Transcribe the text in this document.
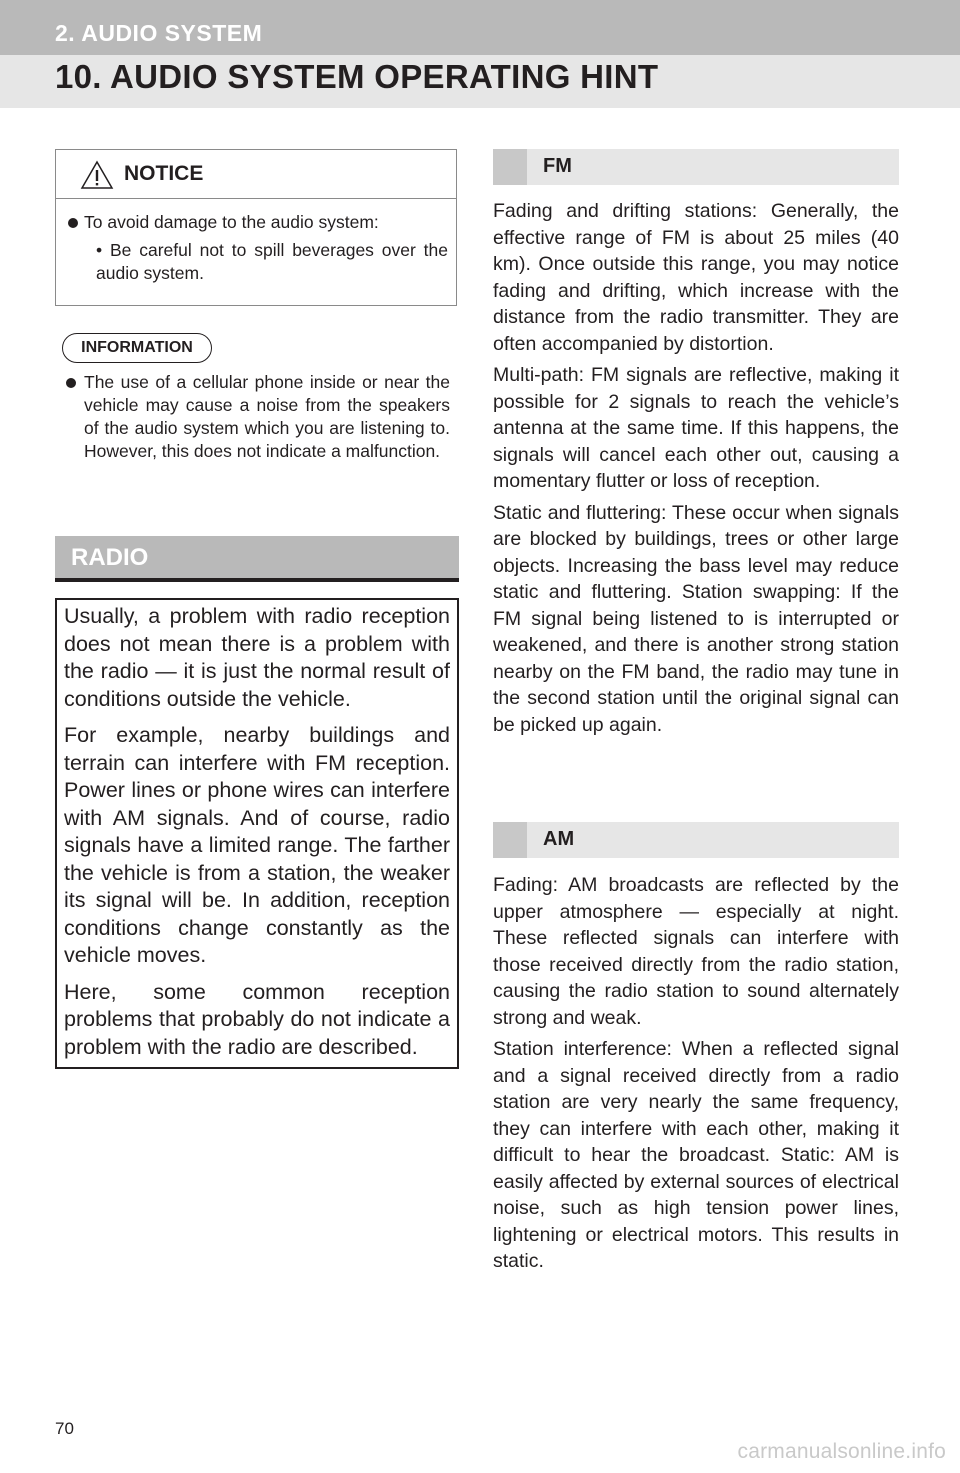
2. AUDIO SYSTEM
10. AUDIO SYSTEM OPERATING HINT
NOTICE
To avoid damage to the audio system:
• Be careful not to spill beverages over the audio system.
INFORMATION
The use of a cellular phone inside or near the vehicle may cause a noise from the speakers of the audio system which you are listening to. However, this does not indicate a malfunction.
RADIO

Usually, a problem with radio reception does not mean there is a problem with the radio — it is just the normal result of conditions outside the vehicle.

For example, nearby buildings and terrain can interfere with FM reception. Power lines or phone wires can interfere with AM signals. And of course, radio signals have a limited range. The farther the vehicle is from a station, the weaker its signal will be. In addition, reception conditions change constantly as the vehicle moves.

Here, some common reception problems that probably do not indicate a problem with the radio are described.

FM

Fading and drifting stations: Generally, the effective range of FM is about 25 miles (40 km). Once outside this range, you may notice fading and drifting, which increase with the distance from the radio transmitter. They are often accompanied by distortion.

Multi-path: FM signals are reflective, making it possible for 2 signals to reach the vehicle’s antenna at the same time. If this happens, the signals will cancel each other out, causing a momentary flutter or loss of reception.

Static and fluttering: These occur when signals are blocked by buildings, trees or other large objects. Increasing the bass level may reduce static and fluttering. Station swapping: If the FM signal being listened to is interrupted or weakened, and there is another strong station nearby on the FM band, the radio may tune in the second station until the original signal can be picked up again.

AM

Fading: AM broadcasts are reflected by the upper atmosphere — especially at night. These reflected signals can interfere with those received directly from the radio station, causing the radio station to sound alternately strong and weak.

Station interference: When a reflected signal and a signal received directly from a radio station are very nearly the same frequency, they can interfere with each other, making it difficult to hear the broadcast. Static: AM is easily affected by external sources of electrical noise, such as high tension power lines, lightening or electrical motors. This results in static.

70
carmanualsonline.info
